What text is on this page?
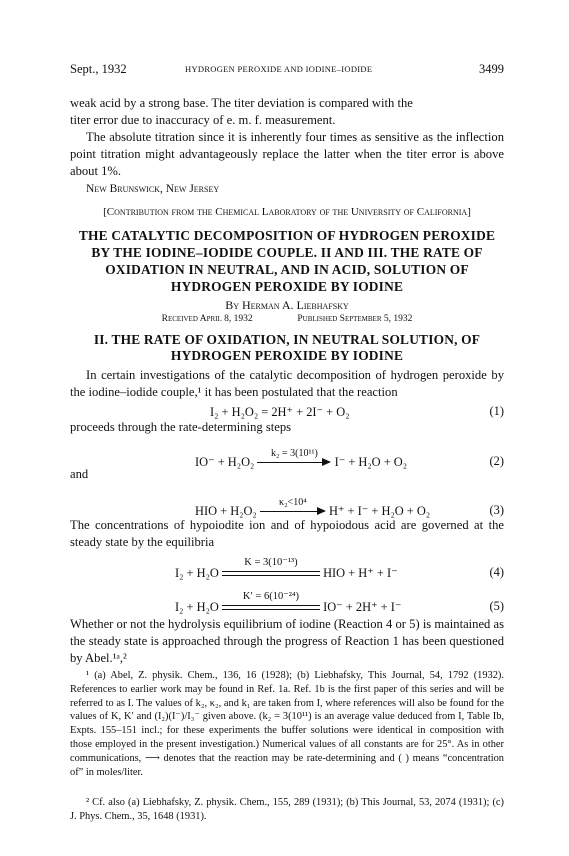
Sept., 1932	HYDROGEN PEROXIDE AND IODINE–IODIDE	3499
weak acid by a strong base. The titer deviation is compared with the
titer error due to inaccuracy of e. m. f. measurement.
The absolute titration since it is inherently four times as sensitive as the inflection point titration might advantageously replace the latter when the titer error is above about 1%.
New Brunswick, New Jersey
[Contribution from the Chemical Laboratory of the University of California]
THE CATALYTIC DECOMPOSITION OF HYDROGEN PEROXIDE
BY THE IODINE–IODIDE COUPLE. II AND III. THE RATE OF
OXIDATION IN NEUTRAL, AND IN ACID, SOLUTION OF
HYDROGEN PEROXIDE BY IODINE
By Herman A. Liebhafsky
Received April 8, 1932	Published September 5, 1932
II. THE RATE OF OXIDATION, IN NEUTRAL SOLUTION, OF
HYDROGEN PEROXIDE BY IODINE
In certain investigations of the catalytic decomposition of hydrogen peroxide by the iodine–iodide couple,¹ it has been postulated that the reaction
I₂ + H₂O₂ = 2H⁺ + 2I⁻ + O₂	(1)
proceeds through the rate-determining steps
IO⁻ + H₂O₂
k₂ = 3(10¹¹)
I⁻ + H₂O + O₂	(2)
and
HIO + H₂O₂
κ₂<10⁴
H⁺ + I⁻ + H₂O + O₂	(3)
The concentrations of hypoiodite ion and of hypoiodous acid are governed at the steady state by the equilibria
I₂ + H₂O
K = 3(10⁻¹³)
HIO + H⁺ + I⁻	(4)
I₂ + H₂O
K′ = 6(10⁻²⁴)
IO⁻ + 2H⁺ + I⁻	(5)
Whether or not the hydrolysis equilibrium of iodine (Reaction 4 or 5) is maintained as the steady state is approached through the progress of Reaction 1 has been questioned by Abel.¹ᵃ,²
¹ (a) Abel, Z. physik. Chem., 136, 16 (1928); (b) Liebhafsky, This Journal, 54, 1792 (1932). References to earlier work may be found in Ref. 1a. Ref. 1b is the first paper of this series and will be referred to as I. The values of k₂, κ₂, and k₁ are taken from I, where references will also be found for the values of K, K′ and (I₂)(I⁻)/I₃⁻ given above. (k₂ = 3(10¹¹) is an average value deduced from I, Table Ib, Expts. 155–151 incl.; for these experiments the buffer solutions were identical in composition with those employed in the present investigation.) Numerical values of all constants are for 25°. As in other communications, ⟶ denotes that the reaction may be rate-determining and ( ) means “concentration of” in moles/liter.
² Cf. also (a) Liebhafsky, Z. physik. Chem., 155, 289 (1931); (b) This Journal, 53, 2074 (1931); (c) J. Phys. Chem., 35, 1648 (1931).
